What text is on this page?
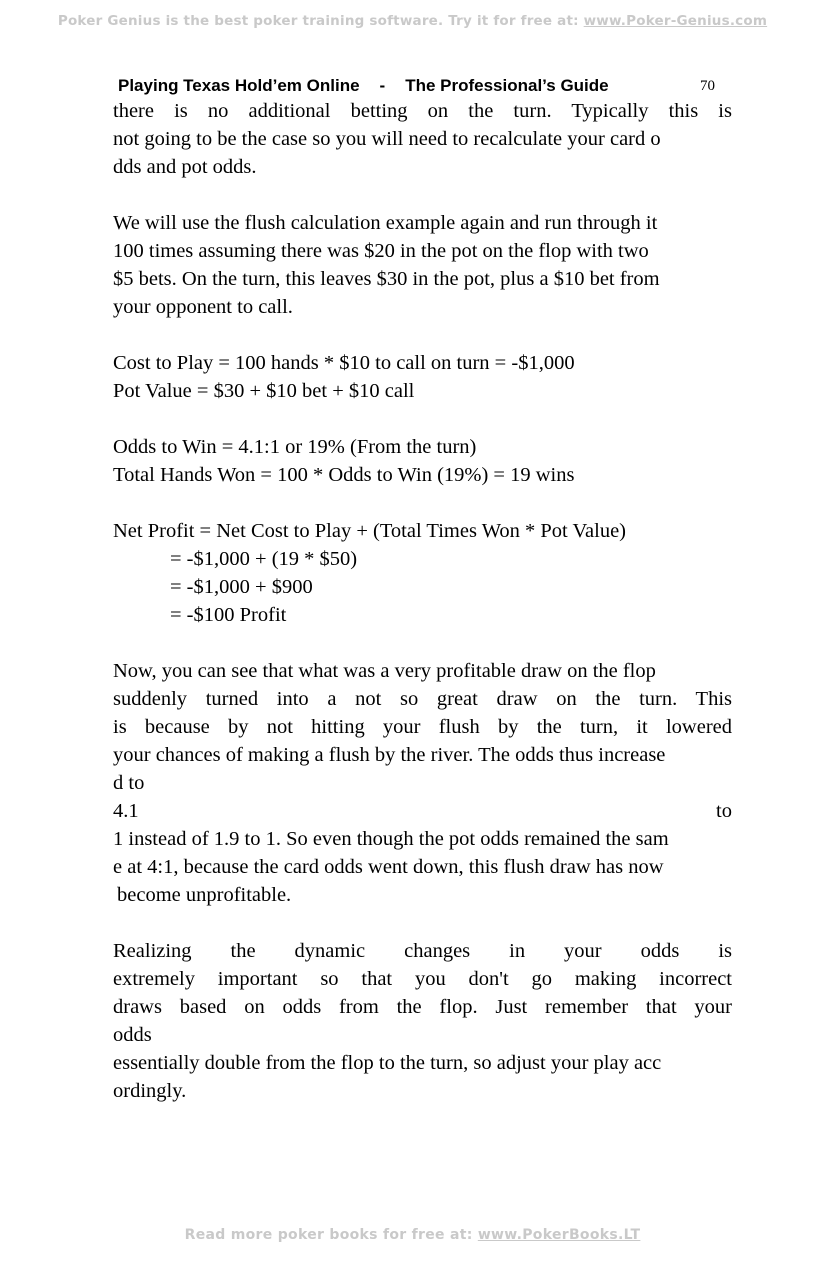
Poker Genius is the best poker training software. Try it for free at: www.Poker-Genius.com
Playing Texas Hold’em Online - The Professional’s Guide	70

there is no additional betting on the turn. Typically this is

not going to be the case so you will need to recalculate your card o

dds and pot odds.

We will use the flush calculation example again and run through it

100 times assuming there was $20 in the pot on the flop with two

$5 bets. On the turn, this leaves $30 in the pot, plus a $10 bet from

your opponent to call.

Cost to Play = 100 hands * $10 to call on turn = -$1,000

Pot Value = $30 + $10 bet + $10 call

Odds to Win = 4.1:1 or 19% (From the turn)

Total Hands Won = 100 * Odds to Win (19%) = 19 wins

Net Profit = Net Cost to Play + (Total Times Won * Pot Value)

= -$1,000 + (19 * $50)

= -$1,000 + $900

= -$100 Profit

Now, you can see that what was a very profitable draw on the flop

suddenly turned into a not so great draw on the turn. This

is because by not hitting your flush by the turn, it lowered

your chances of making a flush by the river. The odds thus increase

d to

4.1	to

1 instead of 1.9 to 1. So even though the pot odds remained the sam

e at 4:1, because the card odds went down, this flush draw has now

become unprofitable.

Realizing the dynamic changes in your odds is

extremely important so that you don't go making incorrect

draws based on odds from the flop. Just remember that your

odds

essentially double from the flop to the turn, so adjust your play acc

ordingly.

Read more poker books for free at: www.PokerBooks.LT
